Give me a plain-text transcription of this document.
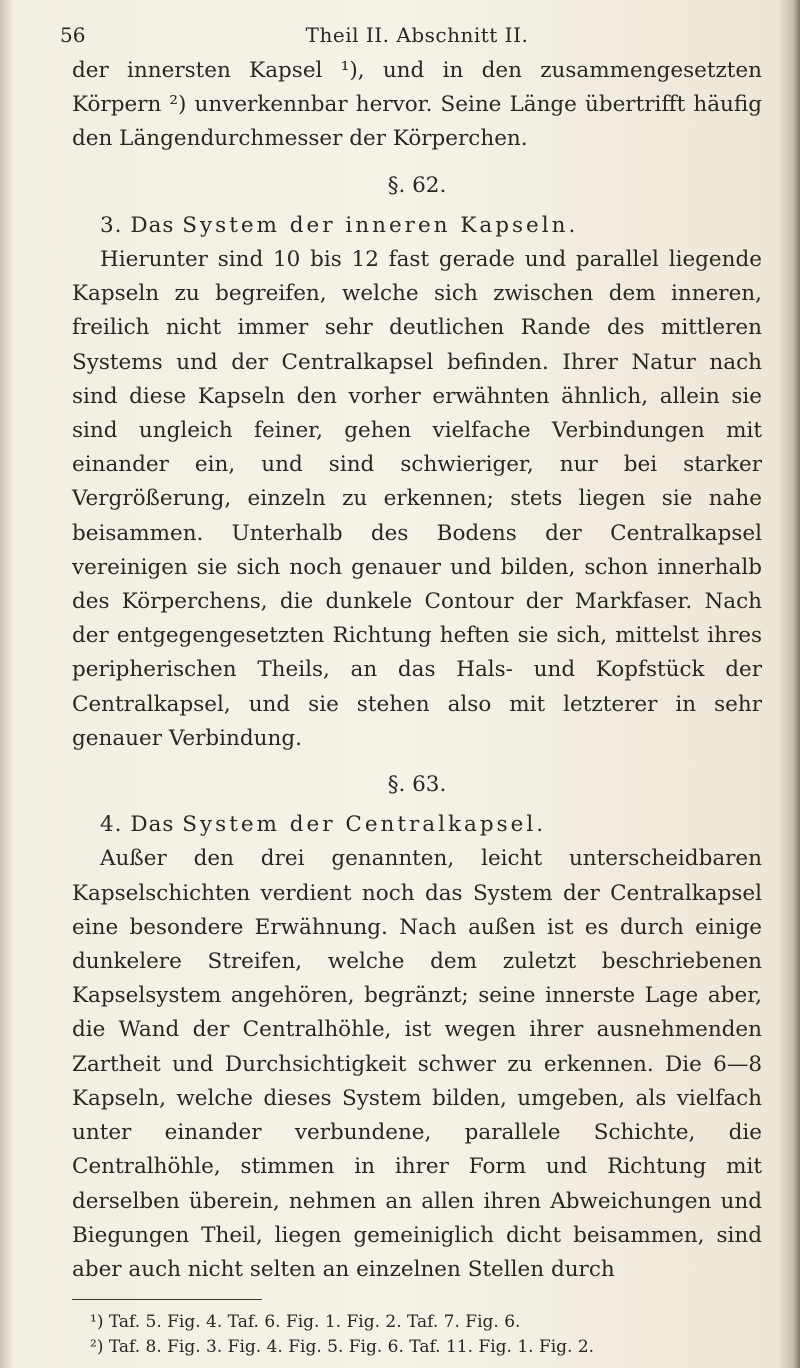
56	Theil II. Abschnitt II.

der innersten Kapsel ¹), und in den zusammengesetzten Körpern ²) unverkennbar hervor. Seine Länge übertrifft häufig den Längendurchmesser der Körperchen.

§. 62.

3. Das System der inneren Kapseln.

Hierunter sind 10 bis 12 fast gerade und parallel liegende Kapseln zu begreifen, welche sich zwischen dem inneren, freilich nicht immer sehr deutlichen Rande des mittleren Systems und der Centralkapsel befinden. Ihrer Natur nach sind diese Kapseln den vorher erwähnten ähnlich, allein sie sind ungleich feiner, gehen vielfache Verbindungen mit einander ein, und sind schwieriger, nur bei starker Vergrößerung, einzeln zu erkennen; stets liegen sie nahe beisammen. Unterhalb des Bodens der Centralkapsel vereinigen sie sich noch genauer und bilden, schon innerhalb des Körperchens, die dunkele Contour der Markfaser. Nach der entgegengesetzten Richtung heften sie sich, mittelst ihres peripherischen Theils, an das Hals- und Kopfstück der Centralkapsel, und sie stehen also mit letzterer in sehr genauer Verbindung.

§. 63.

4. Das System der Centralkapsel.

Außer den drei genannten, leicht unterscheidbaren Kapselschichten verdient noch das System der Centralkapsel eine besondere Erwähnung. Nach außen ist es durch einige dunkelere Streifen, welche dem zuletzt beschriebenen Kapselsystem angehören, begränzt; seine innerste Lage aber, die Wand der Centralhöhle, ist wegen ihrer ausnehmenden Zartheit und Durchsichtigkeit schwer zu erkennen. Die 6—8 Kapseln, welche dieses System bilden, umgeben, als vielfach unter einander verbundene, parallele Schichte, die Centralhöhle, stimmen in ihrer Form und Richtung mit derselben überein, nehmen an allen ihren Abweichungen und Biegungen Theil, liegen gemeiniglich dicht beisammen, sind aber auch nicht selten an einzelnen Stellen durch

¹) Taf. 5. Fig. 4. Taf. 6. Fig. 1. Fig. 2. Taf. 7. Fig. 6.
²) Taf. 8. Fig. 3. Fig. 4. Fig. 5. Fig. 6. Taf. 11. Fig. 1. Fig. 2.
